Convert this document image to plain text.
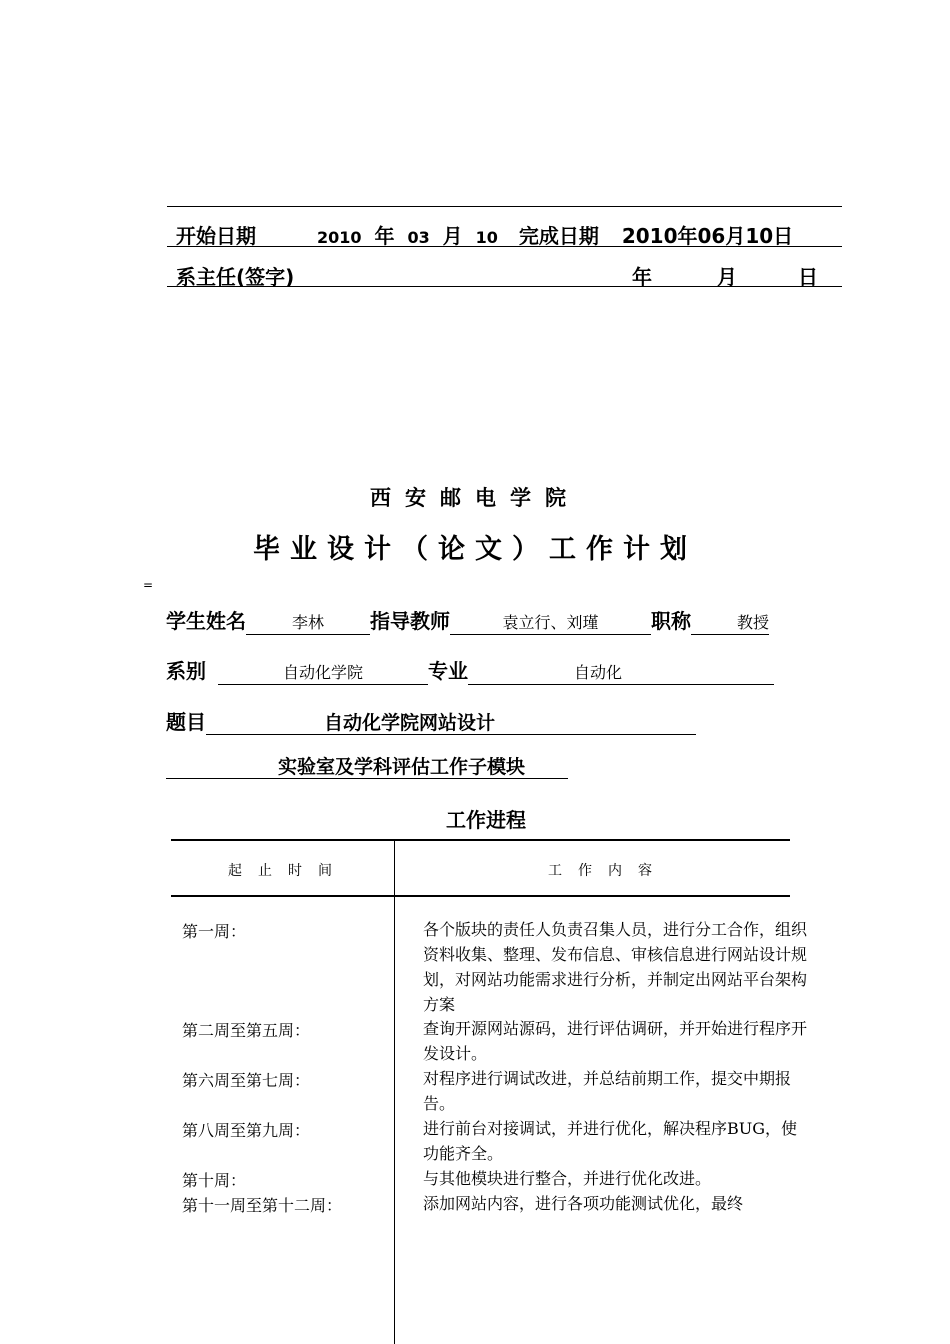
开始日期	2010 年 03 月 10 完成日期 2010年06月10日
系主任(签字)	年	月	日
西安邮电学院
毕业设计（论文）工作计划
=
学生姓名	李林 指导教师	袁立行、刘瑾	职称	教授
系别	自动化学院	专业	自动化
题目	自动化学院网站设计
实验室及学科评估工作子模块
工作进程
起止时间	工作内容
第一周：	各个版块的责任人负责召集人员，进行分工合作，组织资料收集、整理、发布信息、审核信息进行网站设计规划，对网站功能需求进行分析，并制定出网站平台架构方案
第二周至第五周：	查询开源网站源码，进行评估调研，并开始进行程序开发设计。
第六周至第七周：	对程序进行调试改进，并总结前期工作，提交中期报告。
第八周至第九周：	进行前台对接调试，并进行优化，解决程序BUG，使功能齐全。
第十周：	与其他模块进行整合，并进行优化改进。
第十一周至第十二周：	添加网站内容，进行各项功能测试优化，最终
